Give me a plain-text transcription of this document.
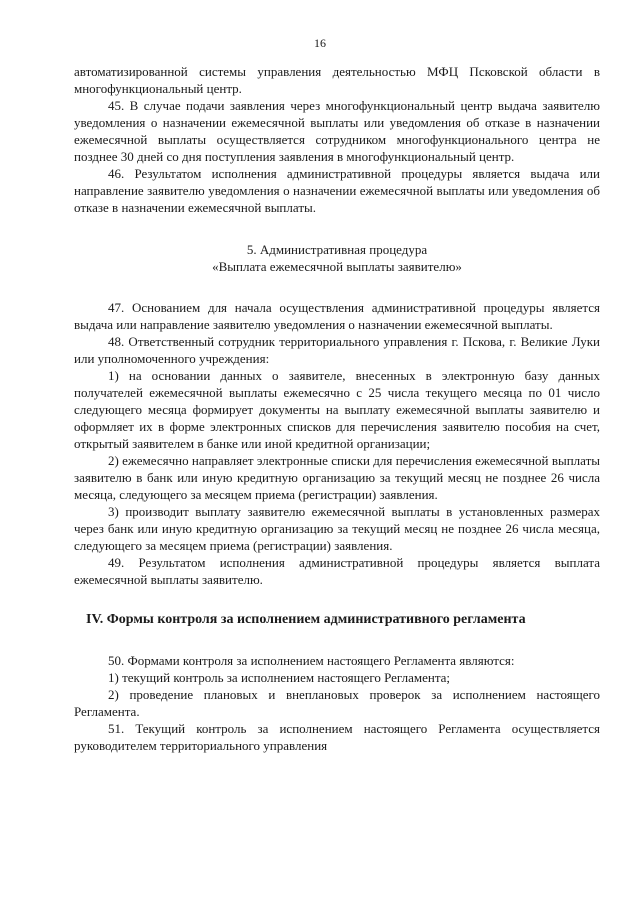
16

автоматизированной системы управления деятельностью МФЦ Псковской области в многофункциональный центр.

45. В случае подачи заявления через многофункциональный центр выдача заявителю уведомления о назначении ежемесячной выплаты или уведомления об отказе в назначении ежемесячной выплаты осуществляется сотрудником многофункционального центра не позднее 30 дней со дня поступления заявления в многофункциональный центр.

46. Результатом исполнения административной процедуры является выдача или направление заявителю уведомления о назначении ежемесячной выплаты или уведомления об отказе в назначении ежемесячной выплаты.

5. Административная процедура

«Выплата ежемесячной выплаты заявителю»

47. Основанием для начала осуществления административной процедуры является выдача или направление заявителю уведомления о назначении ежемесячной выплаты.

48. Ответственный сотрудник территориального управления г. Пскова, г. Великие Луки или уполномоченного учреждения:

1) на основании данных о заявителе, внесенных в электронную базу данных получателей ежемесячной выплаты ежемесячно с 25 числа текущего месяца по 01 число следующего месяца формирует документы на выплату ежемесячной выплаты заявителю и оформляет их в форме электронных списков для перечисления заявителю пособия на счет, открытый заявителем в банке или иной кредитной организации;

2) ежемесячно направляет электронные списки для перечисления ежемесячной выплаты заявителю в банк или иную кредитную организацию за текущий месяц не позднее 26 числа месяца, следующего за месяцем приема (регистрации) заявления.

3) производит выплату заявителю ежемесячной выплаты в установленных размерах через банк или иную кредитную организацию за текущий месяц не позднее 26 числа месяца, следующего за месяцем приема (регистрации) заявления.

49. Результатом исполнения административной процедуры является выплата ежемесячной выплаты заявителю.

IV. Формы контроля за исполнением административного регламента

50. Формами контроля за исполнением настоящего Регламента являются:

1) текущий контроль за исполнением настоящего Регламента;

2) проведение плановых и внеплановых проверок за исполнением настоящего Регламента.

51. Текущий контроль за исполнением настоящего Регламента осуществляется руководителем территориального управления
